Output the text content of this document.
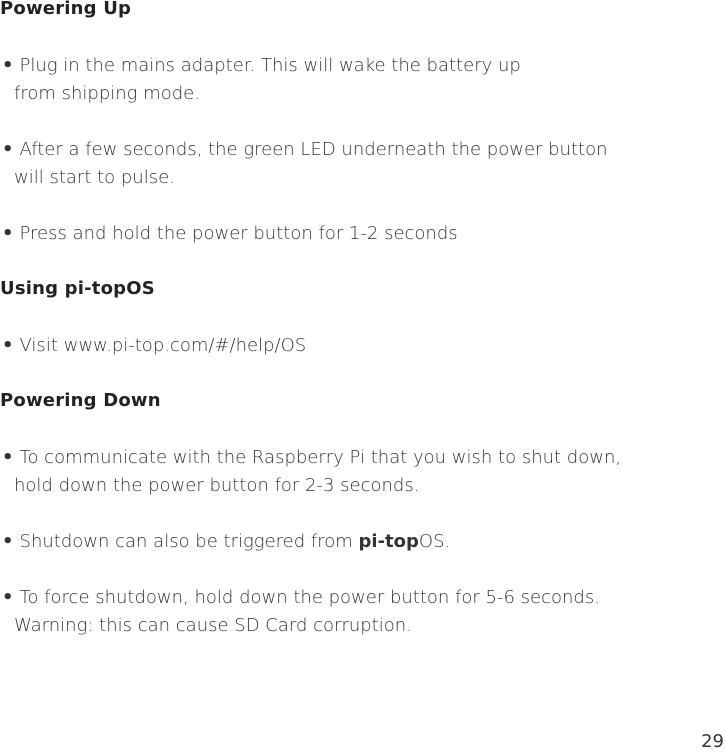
Powering Up

• Plug in the mains adapter. This will wake the battery up
from shipping mode.

• After a few seconds, the green LED underneath the power button
will start to pulse.

• Press and hold the power button for 1-2 seconds

Using pi-topOS

• Visit www.pi-top.com/#/help/OS

Powering Down

• To communicate with the Raspberry Pi that you wish to shut down,
hold down the power button for 2-3 seconds.

• Shutdown can also be triggered from pi-topOS.

• To force shutdown, hold down the power button for 5-6 seconds.
Warning: this can cause SD Card corruption.

29
